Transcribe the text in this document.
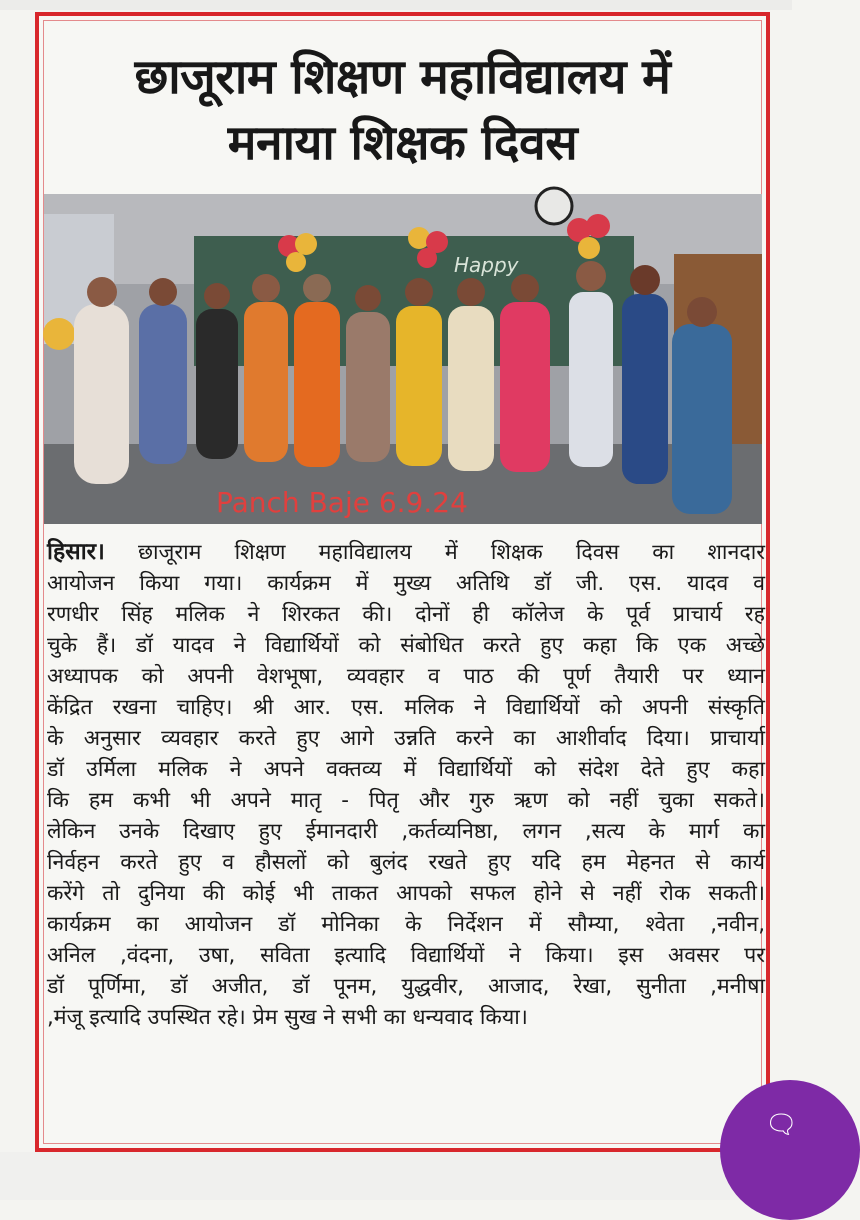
छाजूराम शिक्षण महाविद्यालय में
मनाया शिक्षक दिवस
Happy
Panch Baje 6.9.24
हिसार। छाजूराम शिक्षण महाविद्यालय में शिक्षक दिवस का शानदार
आयोजन किया गया। कार्यक्रम में मुख्य अतिथि डॉ जी. एस. यादव व
रणधीर सिंह मलिक ने शिरकत की। दोनों ही कॉलेज के पूर्व प्राचार्य रह
चुके हैं। डॉ यादव ने विद्यार्थियों को संबोधित करते हुए कहा कि एक अच्छे
अध्यापक को अपनी वेशभूषा, व्यवहार व पाठ की पूर्ण तैयारी पर ध्यान
केंद्रित रखना चाहिए। श्री आर. एस. मलिक ने विद्यार्थियों को अपनी संस्कृति
के अनुसार व्यवहार करते हुए आगे उन्नति करने का आशीर्वाद दिया। प्राचार्या
डॉ उर्मिला मलिक ने अपने वक्तव्य में विद्यार्थियों को संदेश देते हुए कहा
कि हम कभी भी अपने मातृ - पितृ और गुरु ऋण को नहीं चुका सकते।
लेकिन उनके दिखाए हुए ईमानदारी ,कर्तव्यनिष्ठा, लगन ,सत्य के मार्ग का
निर्वहन करते हुए व हौसलों को बुलंद रखते हुए यदि हम मेहनत से कार्य
करेंगे तो दुनिया की कोई भी ताकत आपको सफल होने से नहीं रोक सकती।
कार्यक्रम का आयोजन डॉ मोनिका के निर्देशन में सौम्या, श्वेता ,नवीन,
अनिल ,वंदना, उषा, सविता इत्यादि विद्यार्थियों ने किया। इस अवसर पर
डॉ पूर्णिमा, डॉ अजीत, डॉ पूनम, युद्धवीर, आजाद, रेखा, सुनीता ,मनीषा
,मंजू इत्यादि उपस्थित रहे। प्रेम सुख ने सभी का धन्यवाद किया।
🗨
